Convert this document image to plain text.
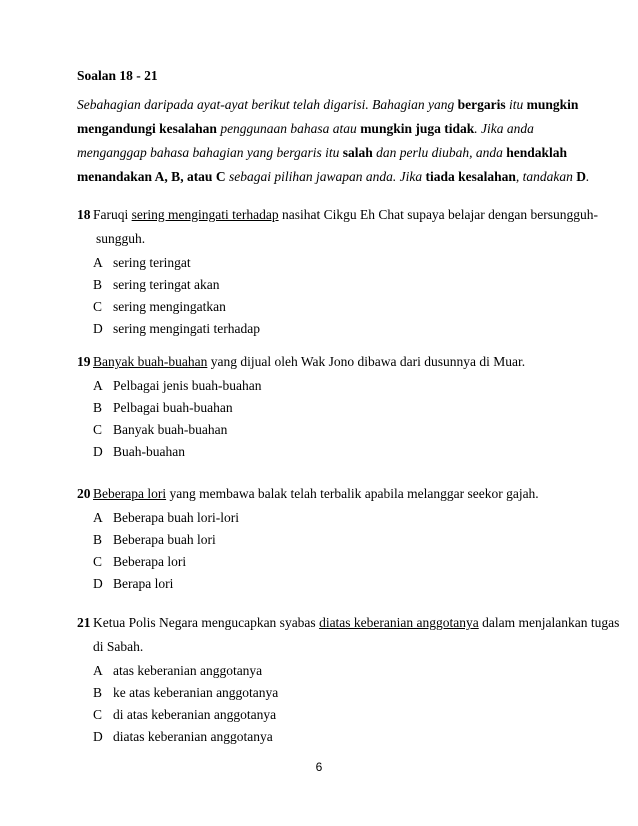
Soalan 18 - 21
Sebahagian daripada ayat-ayat berikut telah digarisi. Bahagian yang bergaris itu mungkin
mengandungi kesalahan penggunaan bahasa atau mungkin juga tidak. Jika anda
menganggap bahasa bahagian yang bergaris itu salah dan perlu diubah, anda hendaklah
menandakan A, B, atau C sebagai pilihan jawapan anda. Jika tiada kesalahan, tandakan D.
18 Faruqi sering mengingati terhadap nasihat Cikgu Eh Chat supaya belajar dengan bersungguh-
sungguh.
A sering teringat
B sering teringat akan
C sering mengingatkan
D sering mengingati terhadap
19 Banyak buah-buahan yang dijual oleh Wak Jono dibawa dari dusunnya di Muar.
A Pelbagai jenis buah-buahan
B Pelbagai buah-buahan
C Banyak buah-buahan
D Buah-buahan
20 Beberapa lori yang membawa balak telah terbalik apabila melanggar seekor gajah.
A Beberapa buah lori-lori
B Beberapa buah lori
C Beberapa lori
D Berapa lori
21 Ketua Polis Negara mengucapkan syabas diatas keberanian anggotanya dalam menjalankan tugas
di Sabah.
A atas keberanian anggotanya
B ke atas keberanian anggotanya
C di atas keberanian anggotanya
D diatas keberanian anggotanya
6
